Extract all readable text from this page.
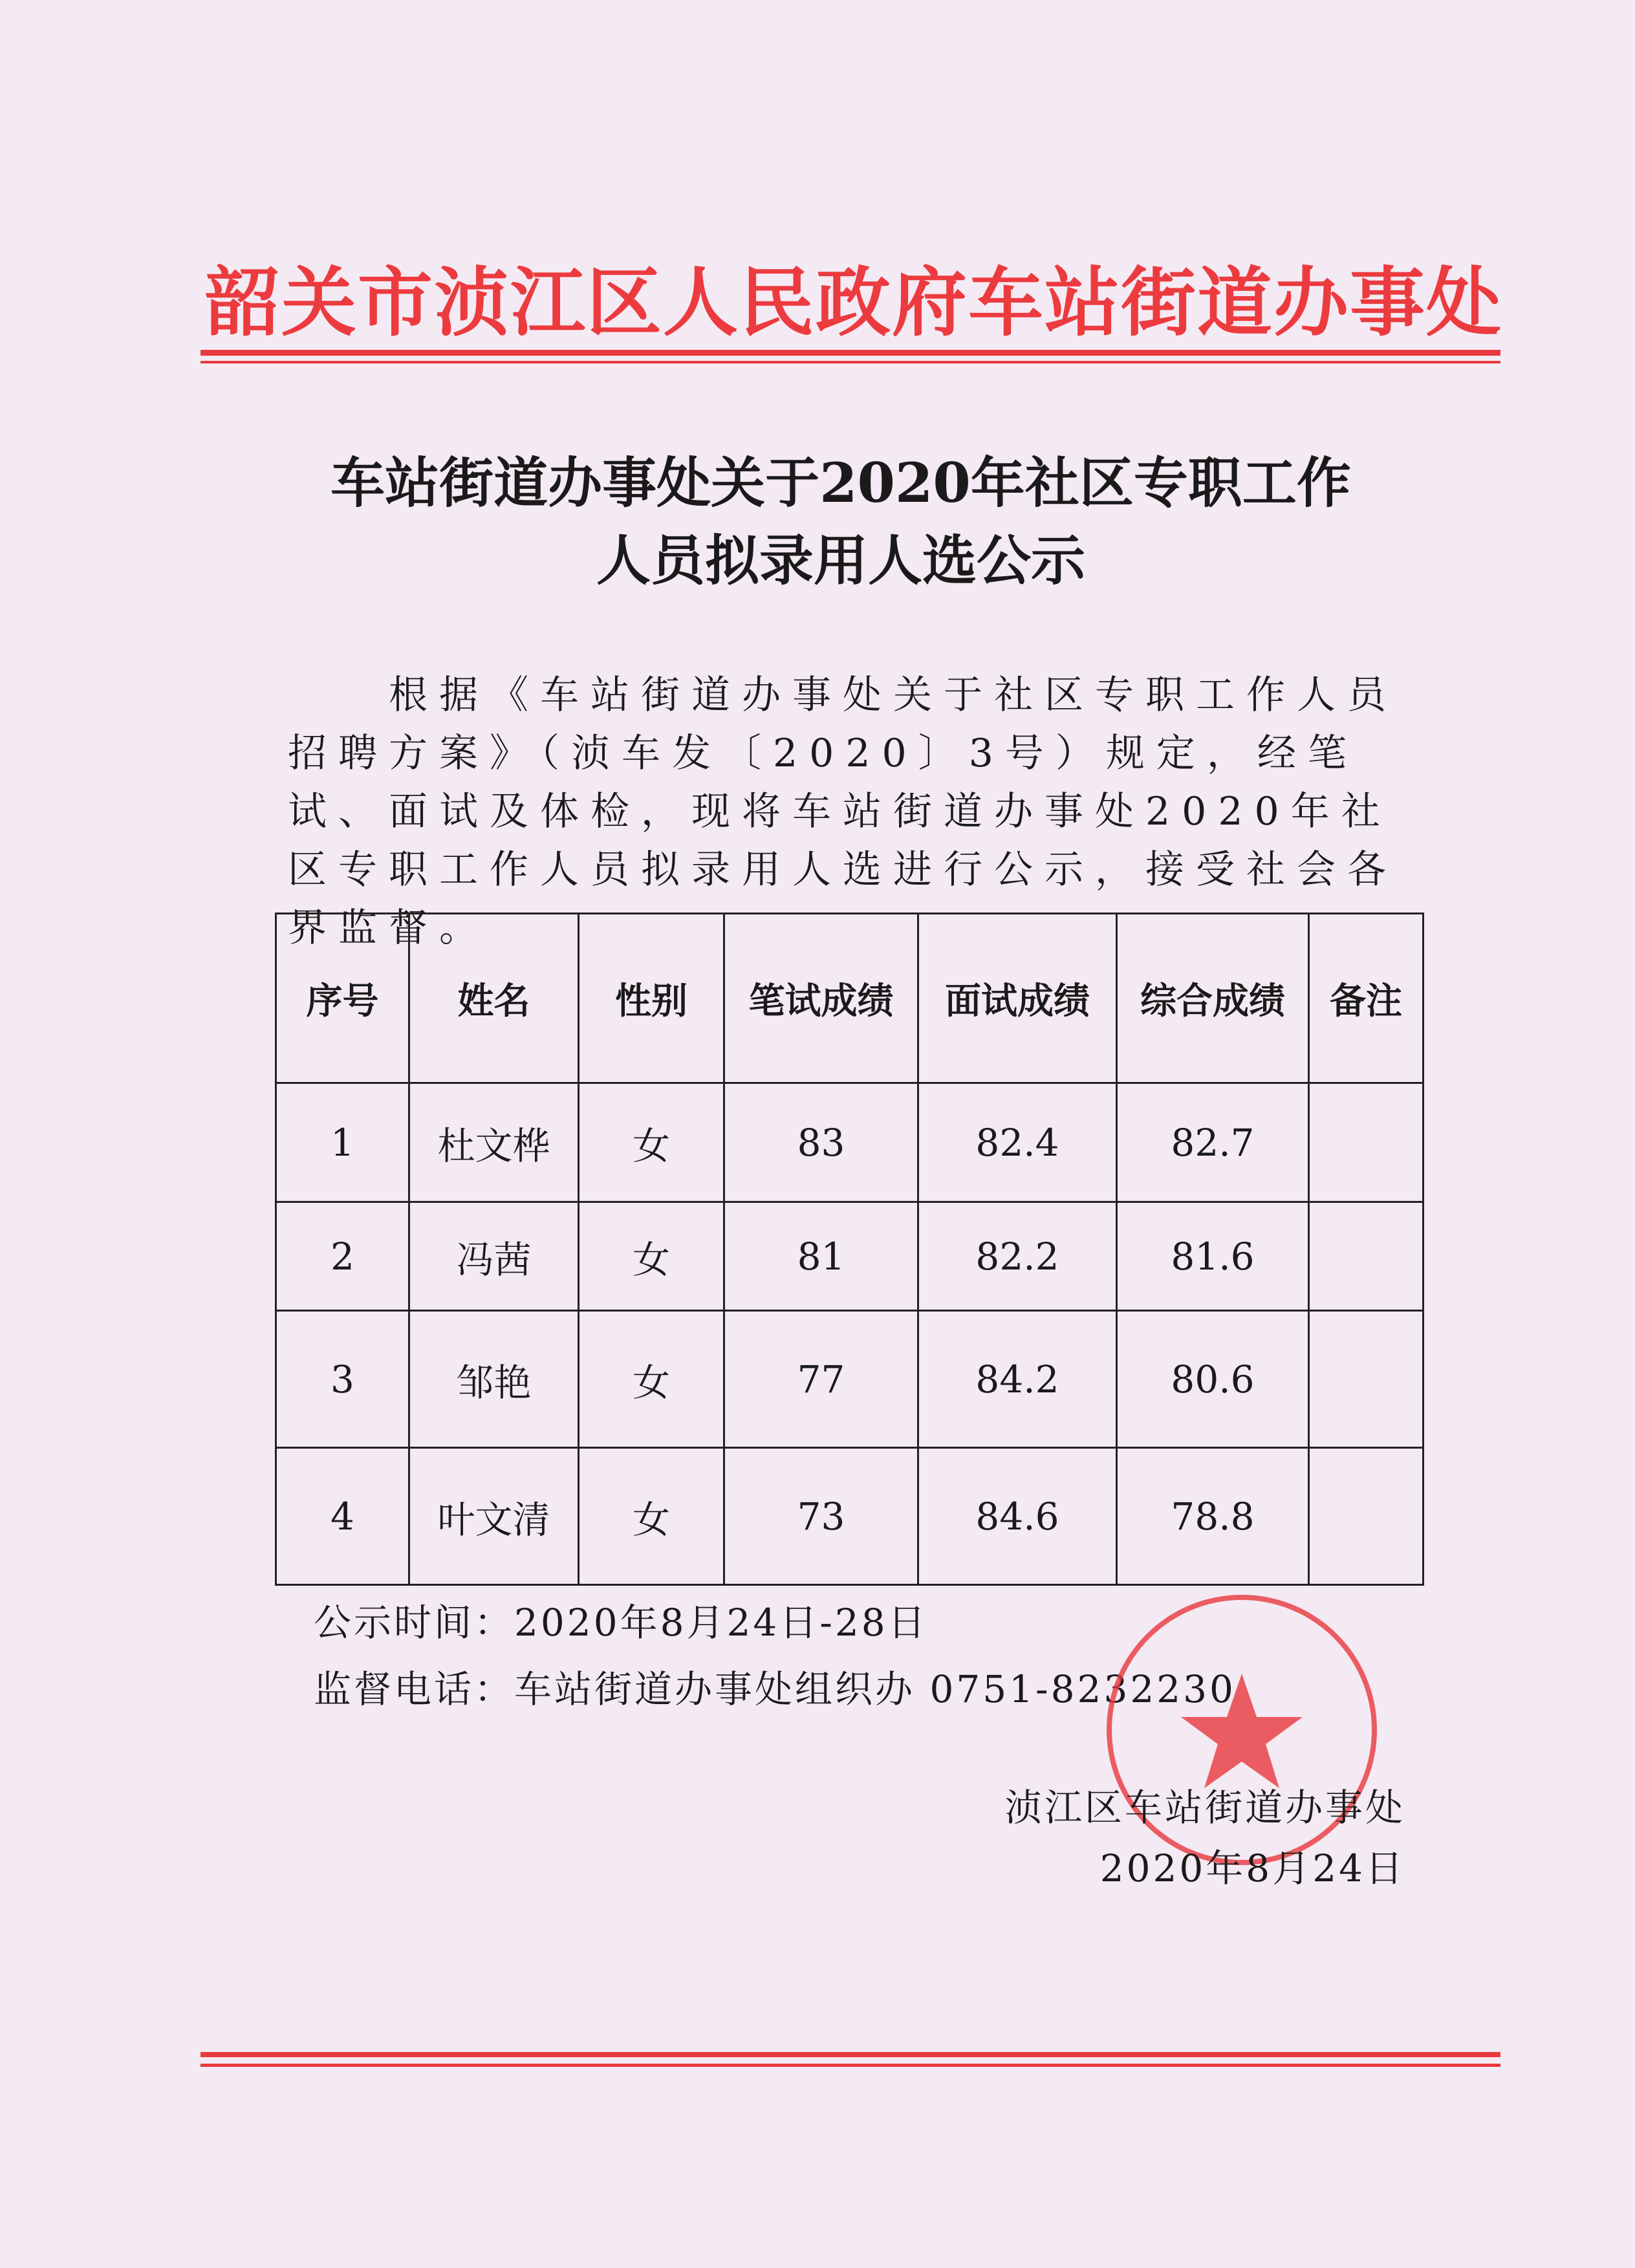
韶关市浈江区人民政府车站街道办事处
车站街道办事处关于2020年社区专职工作
人员拟录用人选公示
根据《车站街道办事处关于社区专职工作人员招聘方案》（浈车发〔2020〕3号）规定，经笔试、面试及体检，现将车站街道办事处2020年社区专职工作人员拟录用人选进行公示，接受社会各界监督。
序号	姓名	性别	笔试成绩	面试成绩	综合成绩	备注
1	杜文桦	女	83	82.4	82.7	
2	冯茜	女	81	82.2	81.6	
3	邹艳	女	77	84.2	80.6	
4	叶文清	女	73	84.6	78.8	
公示时间：2020年8月24日-28日
监督电话：车站街道办事处组织办 0751-8232230
浈江区车站街道办事处
2020年8月24日
